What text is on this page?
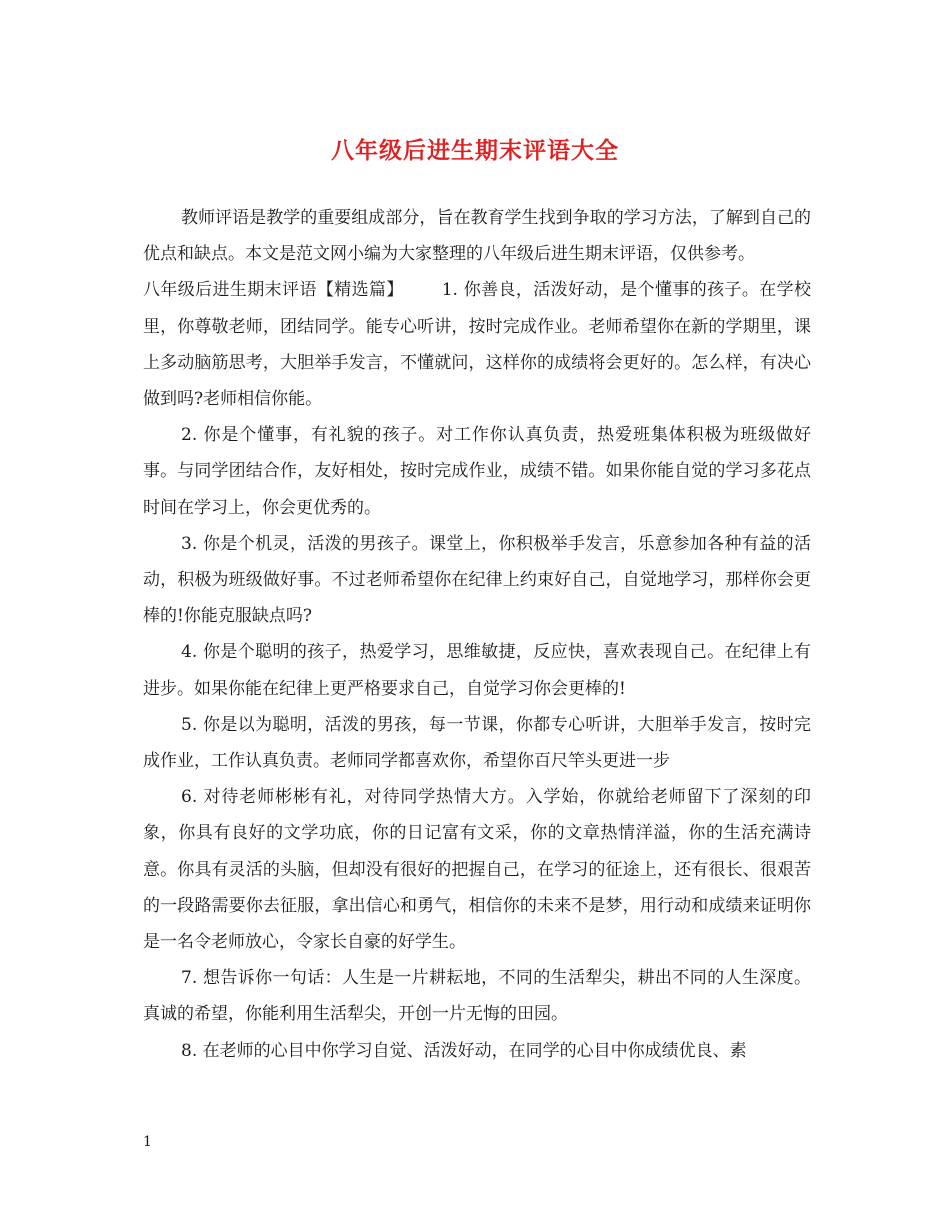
八年级后进生期末评语大全

教师评语是教学的重要组成部分，旨在教育学生找到争取的学习方法，了解到自己的优点和缺点。本文是范文网小编为大家整理的八年级后进生期末评语，仅供参考。

八年级后进生期末评语【精选篇】 1. 你善良，活泼好动，是个懂事的孩子。在学校里，你尊敬老师，团结同学。能专心听讲，按时完成作业。老师希望你在新的学期里，课上多动脑筋思考，大胆举手发言，不懂就问，这样你的成绩将会更好的。怎么样，有决心做到吗?老师相信你能。

2. 你是个懂事，有礼貌的孩子。对工作你认真负责，热爱班集体积极为班级做好事。与同学团结合作，友好相处，按时完成作业，成绩不错。如果你能自觉的学习多花点时间在学习上，你会更优秀的。

3. 你是个机灵，活泼的男孩子。课堂上，你积极举手发言，乐意参加各种有益的活动，积极为班级做好事。不过老师希望你在纪律上约束好自己，自觉地学习，那样你会更棒的!你能克服缺点吗?

4. 你是个聪明的孩子，热爱学习，思维敏捷，反应快，喜欢表现自己。在纪律上有进步。如果你能在纪律上更严格要求自己，自觉学习你会更棒的!

5. 你是以为聪明，活泼的男孩，每一节课，你都专心听讲，大胆举手发言，按时完成作业，工作认真负责。老师同学都喜欢你，希望你百尺竿头更进一步

6. 对待老师彬彬有礼，对待同学热情大方。入学始，你就给老师留下了深刻的印象，你具有良好的文学功底，你的日记富有文采，你的文章热情洋溢，你的生活充满诗意。你具有灵活的头脑，但却没有很好的把握自己，在学习的征途上，还有很长、很艰苦的一段路需要你去征服，拿出信心和勇气，相信你的未来不是梦，用行动和成绩来证明你是一名令老师放心，令家长自豪的好学生。

7. 想告诉你一句话：人生是一片耕耘地，不同的生活犁尖，耕出不同的人生深度。真诚的希望，你能利用生活犁尖，开创一片无悔的田园。

8. 在老师的心目中你学习自觉、活泼好动，在同学的心目中你成绩优良、素

1
